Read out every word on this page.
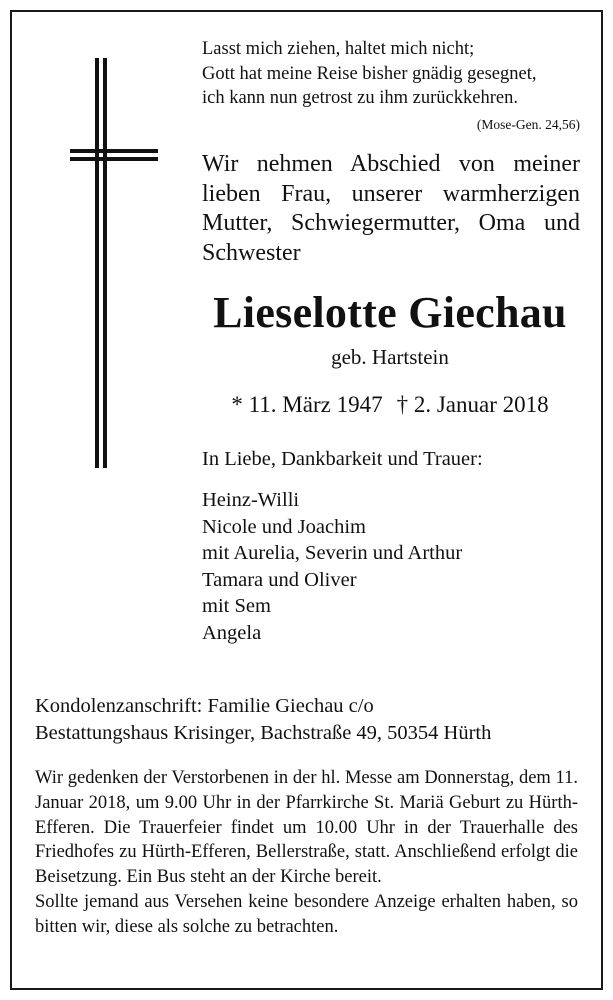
Lasst mich ziehen, haltet mich nicht;
Gott hat meine Reise bisher gnädig gesegnet,
ich kann nun getrost zu ihm zurückkehren.
(Mose-Gen. 24,56)
Wir nehmen Abschied von meiner lieben Frau, unserer warmherzigen Mutter, Schwiegermutter, Oma und Schwester
Lieselotte Giechau
geb. Hartstein
* 11. März 1947 † 2. Januar 2018
In Liebe, Dankbarkeit und Trauer:
Heinz-Willi
Nicole und Joachim
mit Aurelia, Severin und Arthur
Tamara und Oliver
mit Sem
Angela
Kondolenzanschrift: Familie Giechau c/o
Bestattungshaus Krisinger, Bachstraße 49, 50354 Hürth

Wir gedenken der Verstorbenen in der hl. Messe am Donnerstag, dem 11. Januar 2018, um 9.00 Uhr in der Pfarrkirche St. Mariä Geburt zu Hürth-Efferen. Die Trauerfeier findet um 10.00 Uhr in der Trauerhalle des Friedhofes zu Hürth-Efferen, Bellerstraße, statt. Anschließend erfolgt die Beisetzung. Ein Bus steht an der Kirche bereit.

Sollte jemand aus Versehen keine besondere Anzeige erhalten haben, so bitten wir, diese als solche zu betrachten.
